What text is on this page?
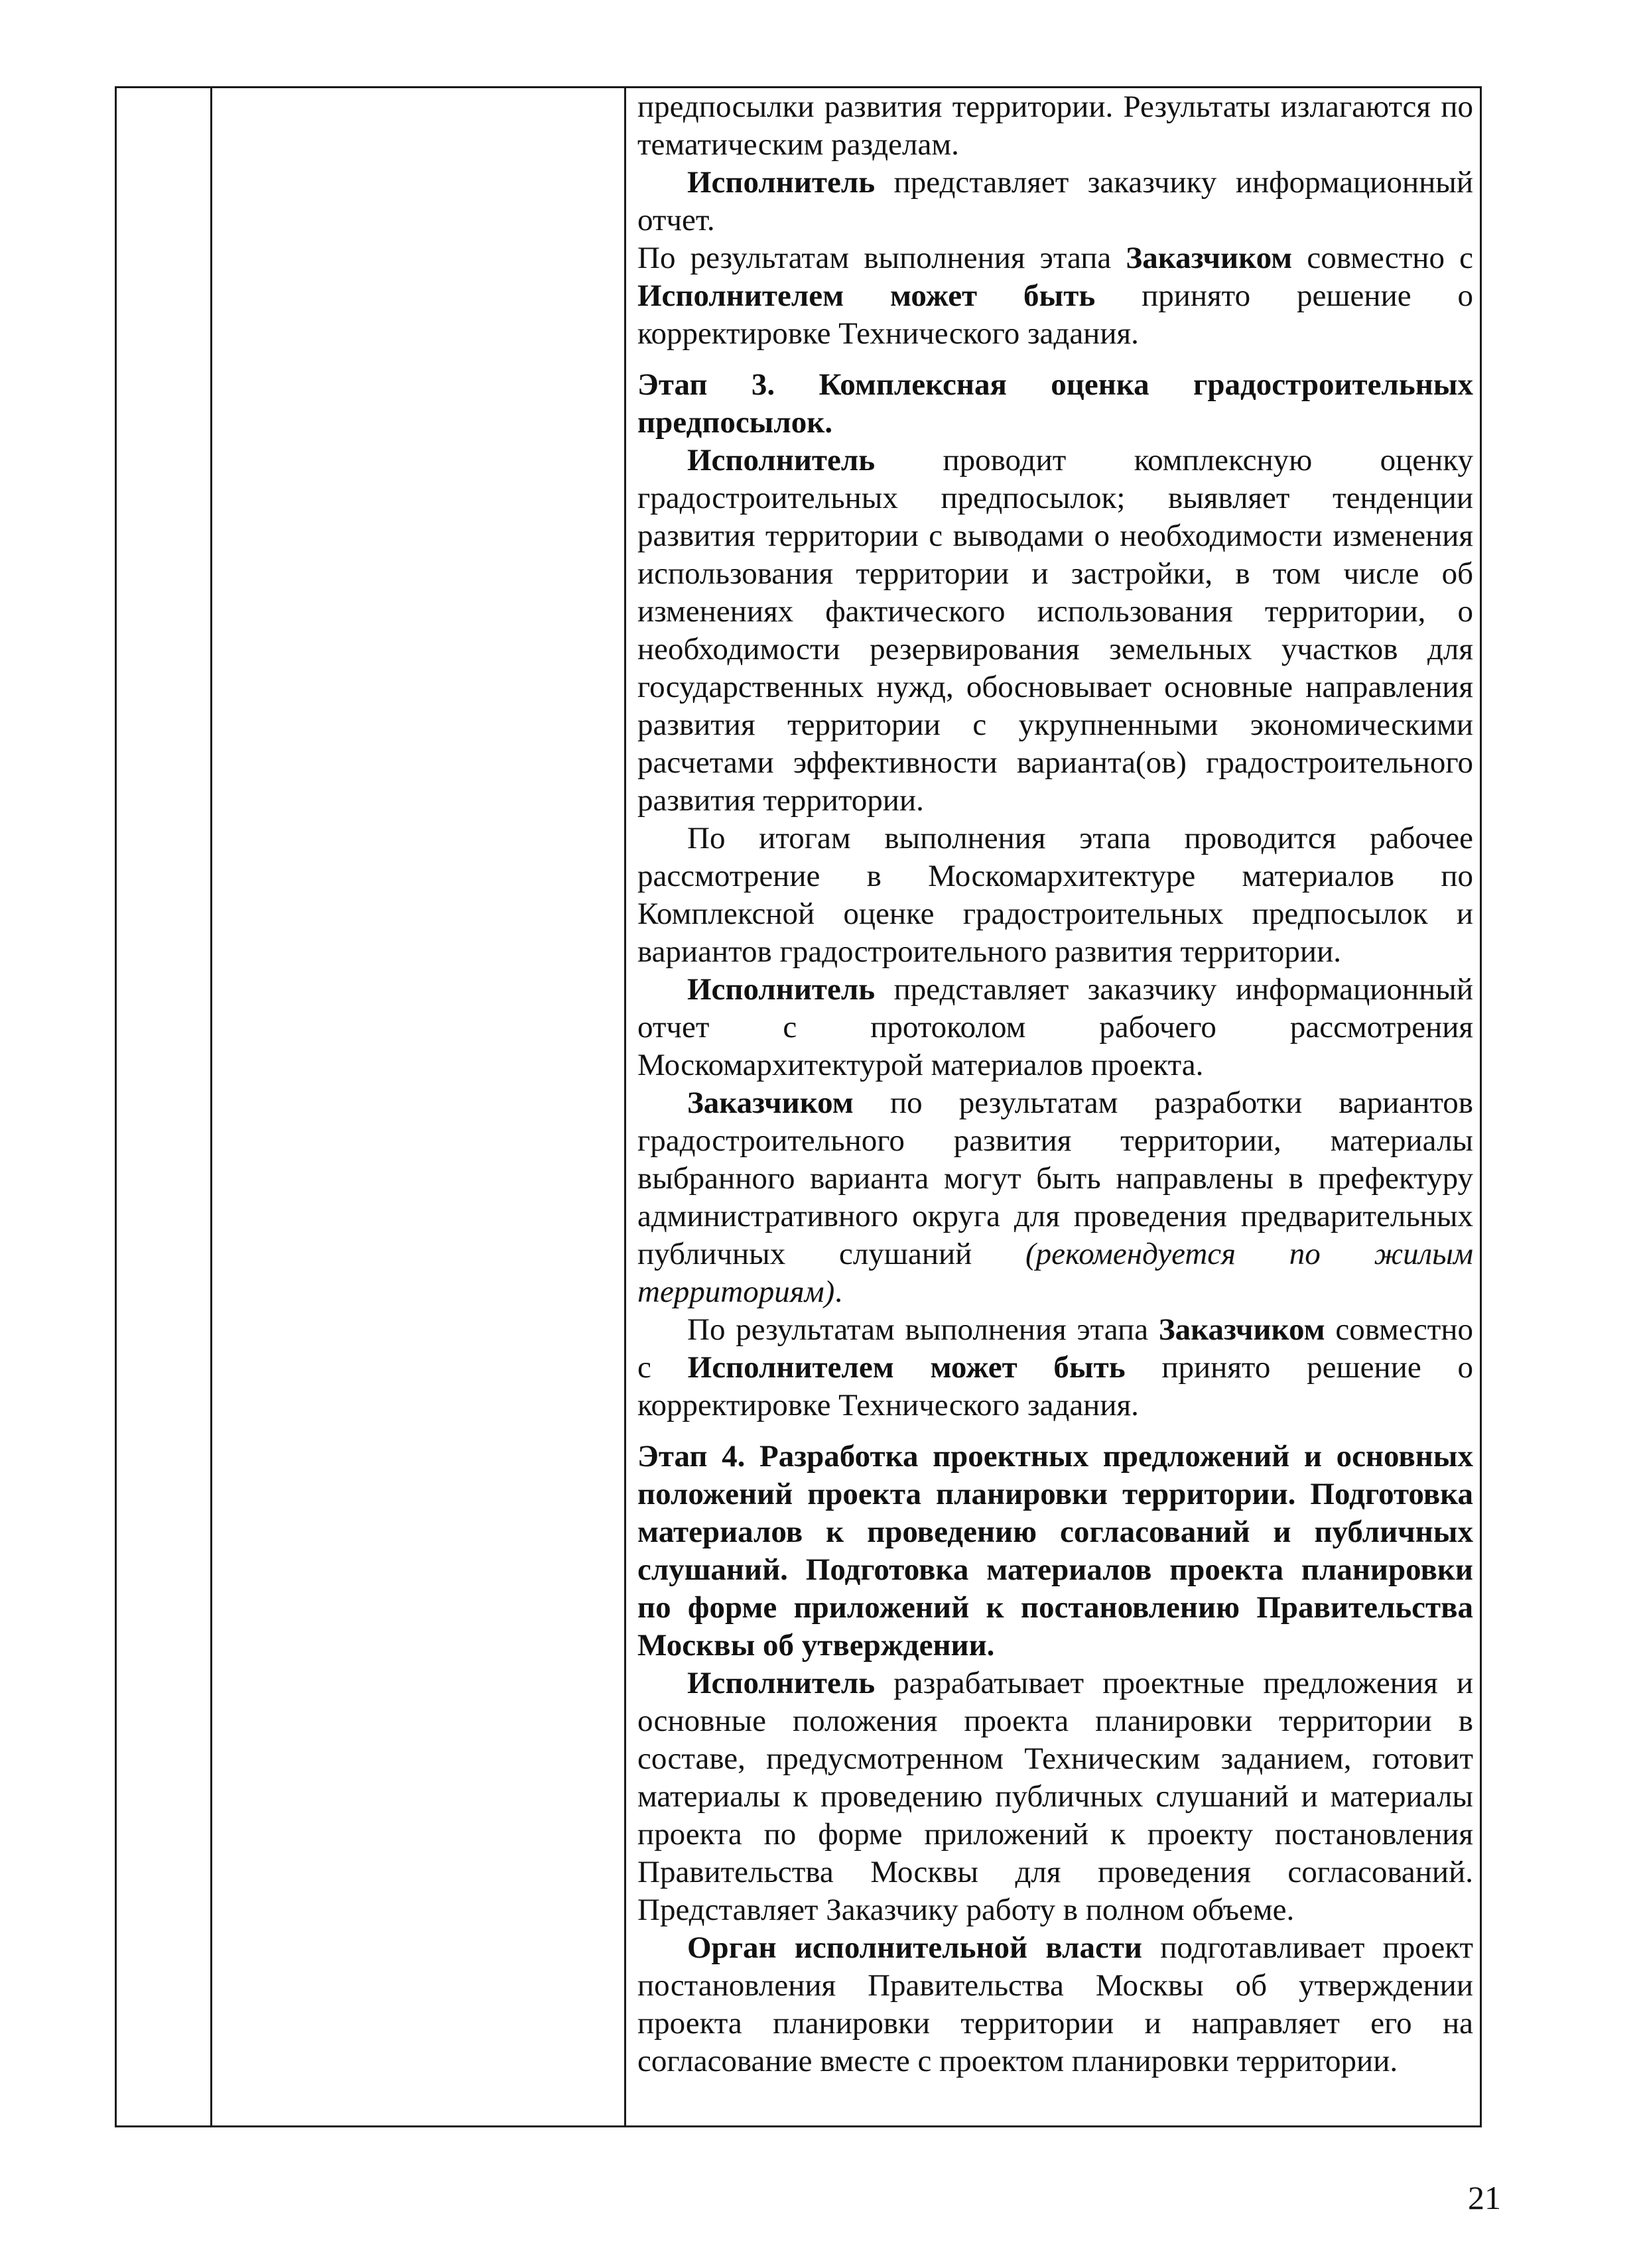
предпосылки развития территории. Результаты излагаются по тематическим разделам.

Исполнитель представляет заказчику информационный отчет.

По результатам выполнения этапа Заказчиком совместно с Исполнителем может быть принято решение о корректировке Технического задания.

Этап 3. Комплексная оценка градостроительных предпосылок.

Исполнитель проводит комплексную оценку градостроительных предпосылок; выявляет тенденции развития территории с выводами о необходимости изменения использования территории и застройки, в том числе об изменениях фактического использования территории, о необходимости резервирования земельных участков для государственных нужд, обосновывает основные направления развития территории с укрупненными экономическими расчетами эффективности варианта(ов) градостроительного развития территории.

По итогам выполнения этапа проводится рабочее рассмотрение в Москомархитектуре материалов по Комплексной оценке градостроительных предпосылок и вариантов градостроительного развития территории.

Исполнитель представляет заказчику информационный отчет с протоколом рабочего рассмотрения Москомархитектурой материалов проекта.

Заказчиком по результатам разработки вариантов градостроительного развития территории, материалы выбранного варианта могут быть направлены в префектуру административного округа для проведения предварительных публичных слушаний (рекомендуется по жилым территориям).

По результатам выполнения этапа Заказчиком совместно с Исполнителем может быть принято решение о корректировке Технического задания.

Этап 4. Разработка проектных предложений и основных положений проекта планировки территории. Подготовка материалов к проведению согласований и публичных слушаний. Подготовка материалов проекта планировки по форме приложений к постановлению Правительства Москвы об утверждении.

Исполнитель разрабатывает проектные предложения и основные положения проекта планировки территории в составе, предусмотренном Техническим заданием, готовит материалы к проведению публичных слушаний и материалы проекта по форме приложений к проекту постановления Правительства Москвы для проведения согласований. Представляет Заказчику работу в полном объеме.

Орган исполнительной власти подготавливает проект постановления Правительства Москвы об утверждении проекта планировки территории и направляет его на согласование вместе с проектом планировки территории.

21
